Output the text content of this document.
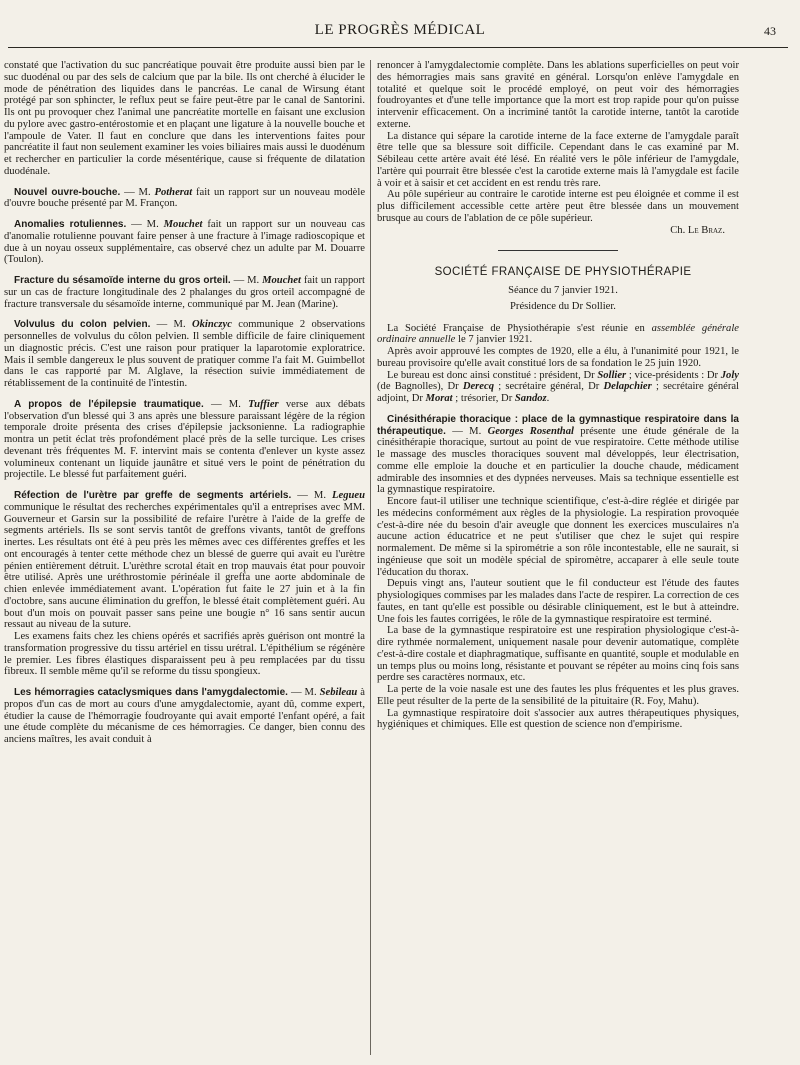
LE PROGRÈS MÉDICAL	43

constaté que l'activation du suc pancréatique pouvait être produite aussi bien par le suc duodénal ou par des sels de calcium que par la bile. Ils ont cherché à élucider le mode de pénétration des liquides dans le pancréas. Le canal de Wirsung étant protégé par son sphincter, le reflux peut se faire peut-être par le canal de Santorini. Ils ont pu provoquer chez l'animal une pancréatite mortelle en faisant une exclusion du pylore avec gastro-entérostomie et en plaçant une ligature à la nouvelle bouche et l'ampoule de Vater. Il faut en conclure que dans les interventions faites pour pancréatite il faut non seulement examiner les voies biliaires mais aussi le duodénum et rechercher en particulier la corde mésentérique, cause si fréquente de dilatation duodénale.

Nouvel ouvre-bouche. — M. Potherat fait un rapport sur un nouveau modèle d'ouvre bouche présenté par M. Françon.

Anomalies rotuliennes. — M. Mouchet fait un rapport sur un nouveau cas d'anomalie rotulienne pouvant faire penser à une fracture à l'image radioscopique et due à un noyau osseux supplémentaire, cas observé chez un adulte par M. Douarre (Toulon).

Fracture du sésamoïde interne du gros orteil. — M. Mouchet fait un rapport sur un cas de fracture longitudinale des 2 phalanges du gros orteil accompagné de fracture transversale du sésamoïde interne, communiqué par M. Jean (Marine).

Volvulus du colon pelvien. — M. Okinczyc communique 2 observations personnelles de volvulus du côlon pelvien. Il semble difficile de faire cliniquement un diagnostic précis. C'est une raison pour pratiquer la laparotomie exploratrice. Mais il semble dangereux le plus souvent de pratiquer comme l'a fait M. Guimbellot dans le cas rapporté par M. Alglave, la résection suivie immédiatement de rétablissement de la continuité de l'intestin.

A propos de l'épilepsie traumatique. — M. Tuffier verse aux débats l'observation d'un blessé qui 3 ans après une blessure paraissant légère de la région temporale droite présenta des crises d'épilepsie jacksonienne. La radiographie montra un petit éclat très profondément placé près de la selle turcique. Les crises devenant très fréquentes M. F. intervint mais se contenta d'enlever un kyste assez volumineux contenant un liquide jaunâtre et situé vers le point de pénétration du projectile. Le blessé fut parfaitement guéri.

Réfection de l'urètre par greffe de segments artériels. — M. Legueu communique le résultat des recherches expérimentales qu'il a entreprises avec MM. Gouverneur et Garsin sur la possibilité de refaire l'urètre à l'aide de la greffe de segments artériels. Ils se sont servis tantôt de greffons vivants, tantôt de greffons inertes. Les résultats ont été à peu près les mêmes avec ces différentes greffes et les ont encouragés à tenter cette méthode chez un blessé de guerre qui avait eu l'urètre pénien entièrement détruit. L'urèthre scrotal était en trop mauvais état pour pouvoir être utilisé. Après une uréthrostomie périnéale il greffa une aorte abdominale de chien enlevée immédiatement avant. L'opération fut faite le 27 juin et à la fin d'octobre, sans aucune élimination du greffon, le blessé était complètement guéri. Au bout d'un mois on pouvait passer sans peine une bougie n° 16 sans sentir aucun ressaut au niveau de la suture.

Les examens faits chez les chiens opérés et sacrifiés après guérison ont montré la transformation progressive du tissu artériel en tissu urétral. L'épithélium se régénère le premier. Les fibres élastiques disparaissent peu à peu remplacées par du tissu fibreux. Il semble même qu'il se reforme du tissu spongieux.

Les hémorragies cataclysmiques dans l'amygdalectomie. — M. Sebileau à propos d'un cas de mort au cours d'une amygdalectomie, ayant dû, comme expert, étudier la cause de l'hémorragie foudroyante qui avait emporté l'enfant opéré, a fait une étude complète du mécanisme de ces hémorragies. Ce danger, bien connu des anciens maîtres, les avait conduit à

renoncer à l'amygdalectomie complète. Dans les ablations superficielles on peut voir des hémorragies mais sans gravité en général. Lorsqu'on enlève l'amygdale en totalité et quelque soit le procédé employé, on peut voir des hémorragies foudroyantes et d'une telle importance que la mort est trop rapide pour qu'on puisse intervenir efficacement. On a incriminé tantôt la carotide interne, tantôt la carotide externe.

La distance qui sépare la carotide interne de la face externe de l'amygdale paraît être telle que sa blessure soit difficile. Cependant dans le cas examiné par M. Sébileau cette artère avait été lésé. En réalité vers le pôle inférieur de l'amygdale, l'artère qui pourrait être blessée c'est la carotide externe mais là l'amygdale est facile à voir et à saisir et cet accident en est rendu très rare.

Au pôle supérieur au contraire le carotide interne est peu éloignée et comme il est plus difficilement accessible cette artère peut être blessée dans un mouvement brusque au cours de l'ablation de ce pôle supérieur.

Ch. Le Braz.

SOCIÉTÉ FRANÇAISE DE PHYSIOTHÉRAPIE

Séance du 7 janvier 1921.

Présidence du Dr Sollier.

La Société Française de Physiothérapie s'est réunie en assemblée générale ordinaire annuelle le 7 janvier 1921.

Après avoir approuvé les comptes de 1920, elle a élu, à l'unanimité pour 1921, le bureau provisoire qu'elle avait constitué lors de sa fondation le 25 juin 1920.

Le bureau est donc ainsi constitué : président, Dr Sollier ; vice-présidents : Dr Joly (de Bagnolles), Dr Derecq ; secrétaire général, Dr Delapchier ; secrétaire général adjoint, Dr Morat ; trésorier, Dr Sandoz.

Cinésithérapie thoracique : place de la gymnastique respiratoire dans la thérapeutique. — M. Georges Rosenthal présente une étude générale de la cinésithérapie thoracique, surtout au point de vue respiratoire. Cette méthode utilise le massage des muscles thoraciques souvent mal développés, leur électrisation, comme elle emploie la douche et en particulier la douche chaude, médicament admirable des insomnies et des dypnées nerveuses. Mais sa technique essentielle est la gymnastique respiratoire.

Encore faut-il utiliser une technique scientifique, c'est-à-dire réglée et dirigée par les médecins conformément aux règles de la physiologie. La respiration provoquée c'est-à-dire née du besoin d'air aveugle que donnent les exercices musculaires n'a aucune action éducatrice et ne peut s'utiliser que chez le sujet qui respire normalement. De même si la spirométrie a son rôle incontestable, elle ne saurait, si ingénieuse que soit un modèle spécial de spiromètre, accaparer à elle seule toute l'éducation du thorax.

Depuis vingt ans, l'auteur soutient que le fil conducteur est l'étude des fautes physiologiques commises par les malades dans l'acte de respirer. La correction de ces fautes, en tant qu'elle est possible ou désirable cliniquement, est le but à atteindre. Une fois les fautes corrigées, le rôle de la gymnastique respiratoire est terminé.

La base de la gymnastique respiratoire est une respiration physiologique c'est-à-dire rythmée normalement, uniquement nasale pour devenir automatique, complète c'est-à-dire costale et diaphragmatique, suffisante en quantité, souple et modulable en un temps plus ou moins long, résistante et pouvant se répéter au moins cinq fois sans perdre ses caractères normaux, etc.

La perte de la voie nasale est une des fautes les plus fréquentes et les plus graves. Elle peut résulter de la perte de la sensibilité de la pituitaire (R. Foy, Mahu).

La gymnastique respiratoire doit s'associer aux autres thérapeutiques physiques, hygiéniques et chimiques. Elle est question de science non d'empirisme.
